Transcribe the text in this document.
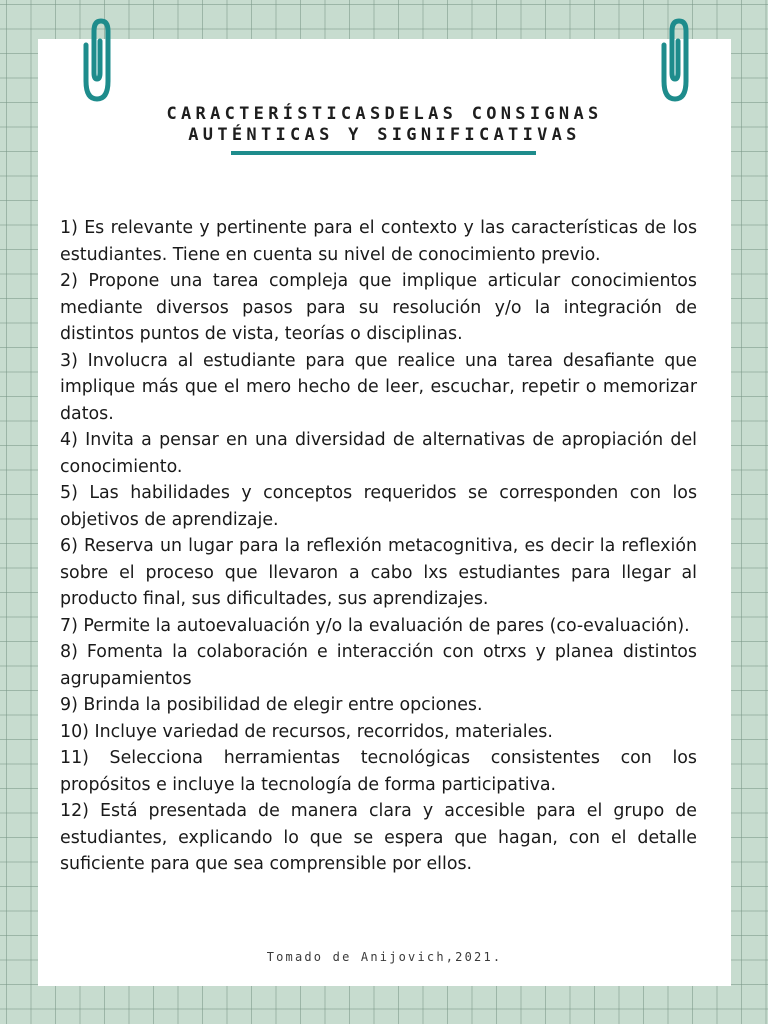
CARACTERÍSTICASDELAS CONSIGNAS
AUTÉNTICAS Y SIGNIFICATIVAS
1) Es relevante y pertinente para el contexto y las características de los estudiantes. Tiene en cuenta su nivel de conocimiento previo.
2) Propone una tarea compleja que implique articular conocimientos mediante diversos pasos para su resolución y/o la integración de distintos puntos de vista, teorías o disciplinas.
3) Involucra al estudiante para que realice una tarea desafiante que implique más que el mero hecho de leer, escuchar, repetir o memorizar datos.
4) Invita a pensar en una diversidad de alternativas de apropiación del conocimiento.
5) Las habilidades y conceptos requeridos se corresponden con los objetivos de aprendizaje.
6) Reserva un lugar para la reflexión metacognitiva, es decir la reflexión sobre el proceso que llevaron a cabo lxs estudiantes para llegar al producto final, sus dificultades, sus aprendizajes.
7) Permite la autoevaluación y/o la evaluación de pares (co-evaluación).
8) Fomenta la colaboración e interacción con otrxs y planea distintos agrupamientos
9) Brinda la posibilidad de elegir entre opciones.
10) Incluye variedad de recursos, recorridos, materiales.
11) Selecciona herramientas tecnológicas consistentes con los propósitos e incluye la tecnología de forma participativa.
12) Está presentada de manera clara y accesible para el grupo de estudiantes, explicando lo que se espera que hagan, con el detalle suficiente para que sea comprensible por ellos.

Tomado de Anijovich,2021.
